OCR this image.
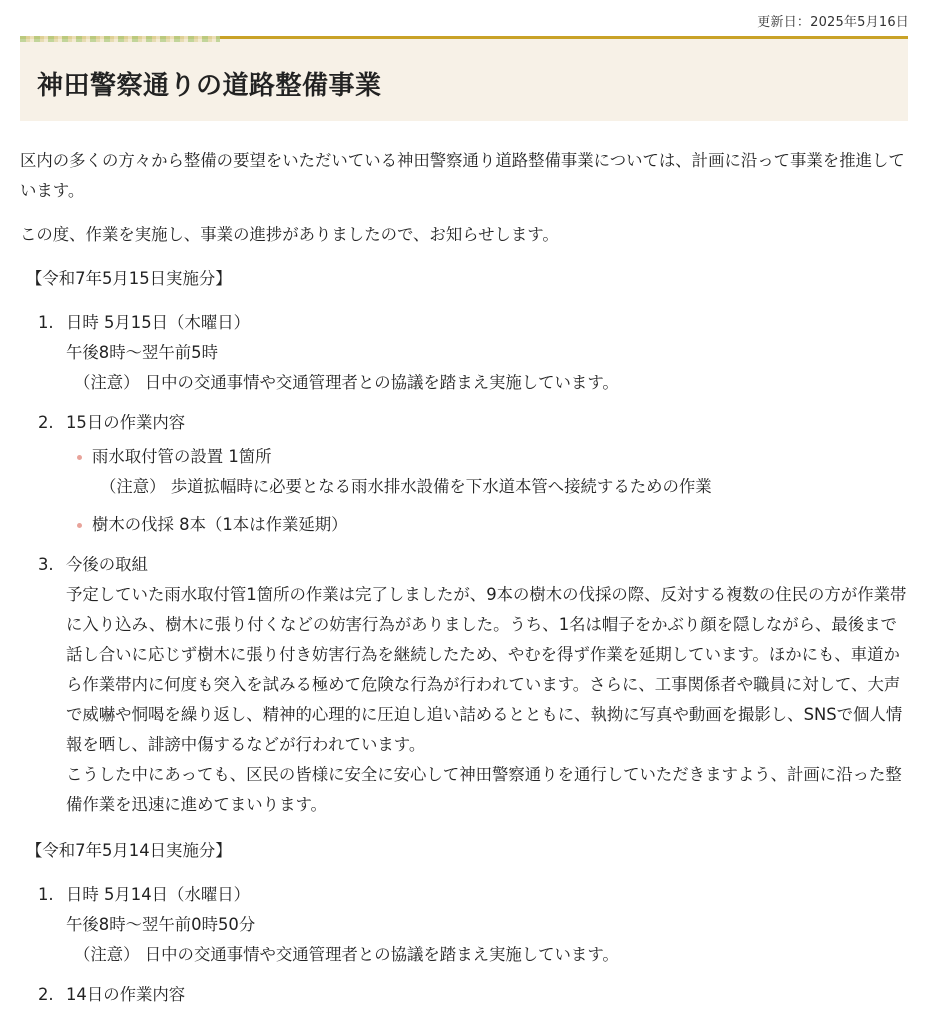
更新日：2025年5月16日
神田警察通りの道路整備事業

区内の多くの方々から整備の要望をいただいている神田警察通り道路整備事業については、計画に沿って事業を推進しています。

この度、作業を実施し、事業の進捗がありましたので、お知らせします。

【令和7年5月15日実施分】
1. 日時 5月15日（木曜日）
午後8時～翌午前5時
（注意） 日中の交通事情や交通管理者との協議を踏まえ実施しています。
2. 15日の作業内容
雨水取付管の設置 1箇所
（注意） 歩道拡幅時に必要となる雨水排水設備を下水道本管へ接続するための作業
樹木の伐採 8本（1本は作業延期）
3. 今後の取組
予定していた雨水取付管1箇所の作業は完了しましたが、9本の樹木の伐採の際、反対する複数の住民の方が作業帯に入り込み、樹木に張り付くなどの妨害行為がありました。うち、1名は帽子をかぶり顔を隠しながら、最後まで話し合いに応じず樹木に張り付き妨害行為を継続したため、やむを得ず作業を延期しています。ほかにも、車道から作業帯内に何度も突入を試みる極めて危険な行為が行われています。さらに、工事関係者や職員に対して、大声で威嚇や恫喝を繰り返し、精神的心理的に圧迫し追い詰めるとともに、執拗に写真や動画を撮影し、SNSで個人情報を晒し、誹謗中傷するなどが行われています。
こうした中にあっても、区民の皆様に安全に安心して神田警察通りを通行していただきますよう、計画に沿った整備作業を迅速に進めてまいります。
【令和7年5月14日実施分】
1. 日時 5月14日（水曜日）
午後8時～翌午前0時50分
（注意） 日中の交通事情や交通管理者との協議を踏まえ実施しています。
2. 14日の作業内容
